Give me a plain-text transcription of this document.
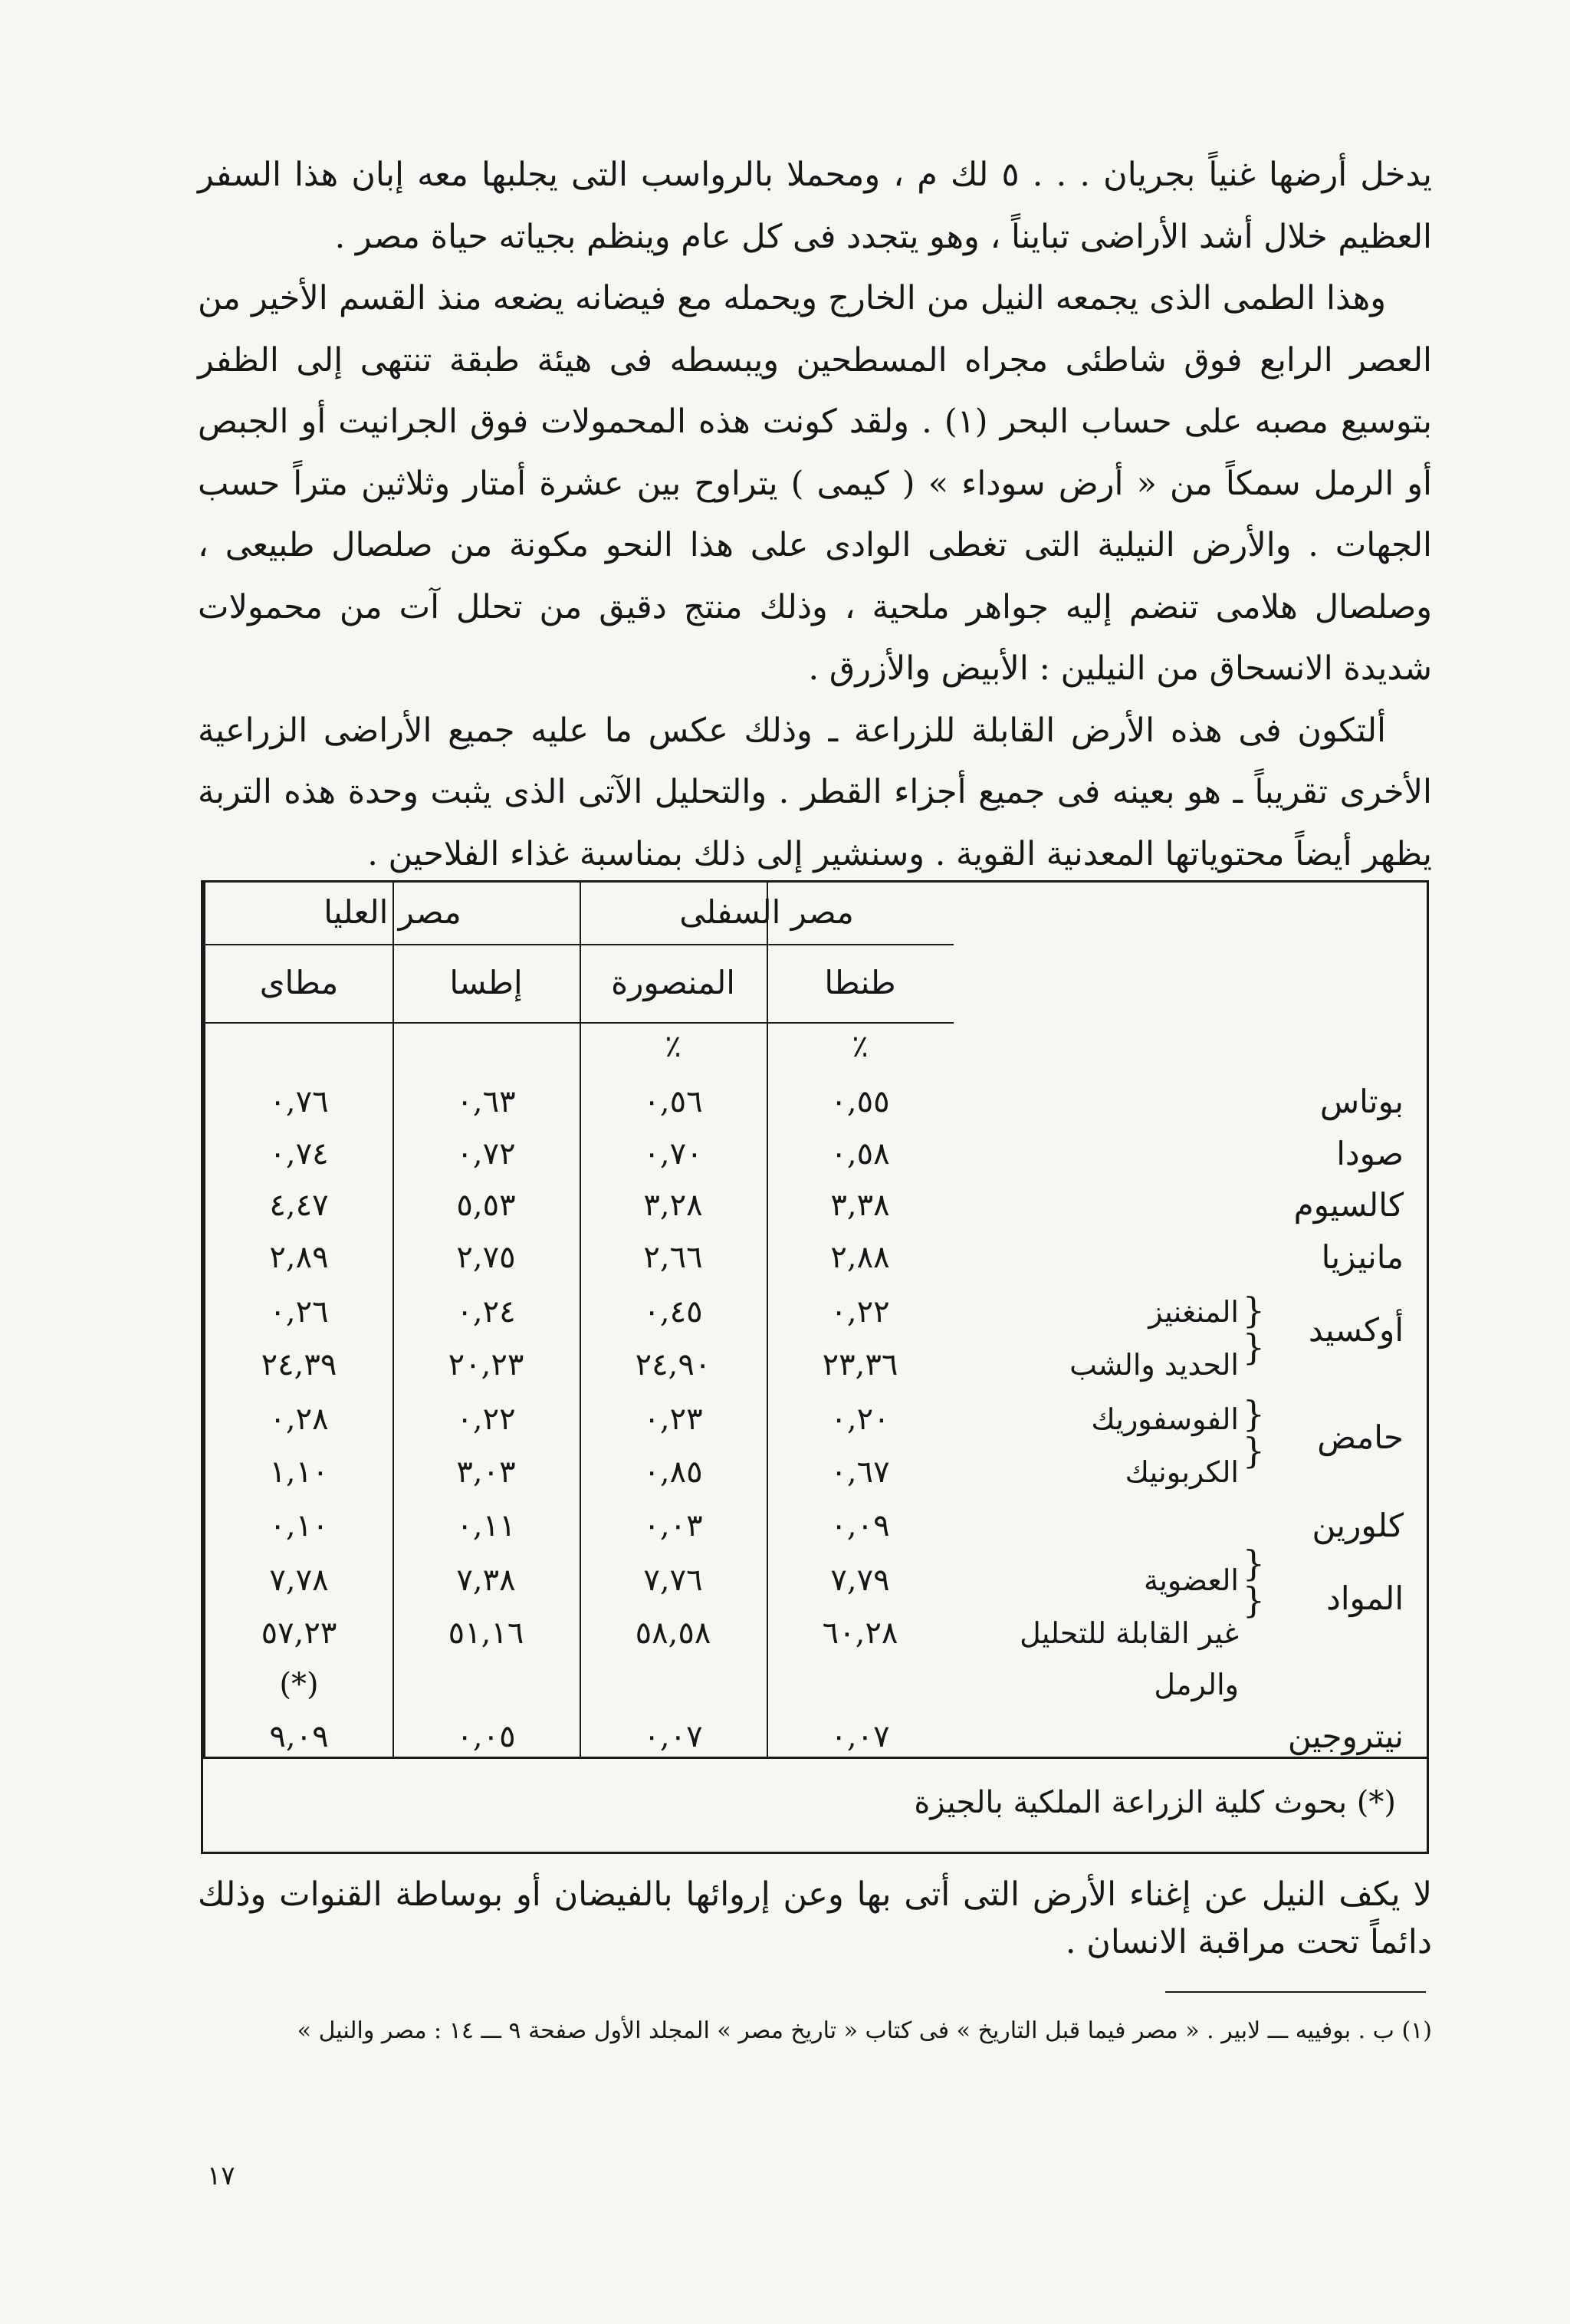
يدخل أرضها غنياً بجريان . . . ٥ لك م ، ومحملا بالرواسب التى يجلبها معه إبان هذا السفر العظيم خلال أشد الأراضى تبايناً ، وهو يتجدد فى كل عام وينظم بجياته حياة مصر .

وهذا الطمى الذى يجمعه النيل من الخارج ويحمله مع فيضانه يضعه منذ القسم الأخير من العصر الرابع فوق شاطئى مجراه المسطحين ويبسطه فى هيئة طبقة تنتهى إلى الظفر بتوسيع مصبه على حساب البحر (١) . ولقد كونت هذه المحمولات فوق الجرانيت أو الجبص أو الرمل سمكاً من « أرض سوداء » ( كيمى ) يتراوح بين عشرة أمتار وثلاثين متراً حسب الجهات . والأرض النيلية التى تغطى الوادى على هذا النحو مكونة من صلصال طبيعى ، وصلصال هلامى تنضم إليه جواهر ملحية ، وذلك منتج دقيق من تحلل آت من محمولات شديدة الانسحاق من النيلين : الأبيض والأزرق .

ألتكون فى هذه الأرض القابلة للزراعة ـ وذلك عكس ما عليه جميع الأراضى الزراعية الأخرى تقريباً ـ هو بعينه فى جميع أجزاء القطر . والتحليل الآتى الذى يثبت وحدة هذه التربة يظهر أيضاً محتوياتها المعدنية القوية . وسنشير إلى ذلك بمناسبة غذاء الفلاحين .

مصر السفلى
مصر العليا
طنطا
المنصورة
إطسا
مطاى
٪
٪
٠,٥٥
٠,٥٦
٠,٦٣
٠,٧٦
٠,٥٨
٠,٧٠
٠,٧٢
٠,٧٤
٣,٣٨
٣,٢٨
٥,٥٣
٤,٤٧
٢,٨٨
٢,٦٦
٢,٧٥
٢,٨٩
٠,٢٢
٠,٤٥
٠,٢٤
٠,٢٦
٢٣,٣٦
٢٤,٩٠
٢٠,٢٣
٢٤,٣٩
٠,٢٠
٠,٢٣
٠,٢٢
٠,٢٨
٠,٦٧
٠,٨٥
٣,٠٣
١,١٠
٠,٠٩
٠,٠٣
٠,١١
٠,١٠
٧,٧٩
٧,٧٦
٧,٣٨
٧,٧٨
٦٠,٢٨
٥٨,٥٨
٥١,١٦
٥٧,٢٣
(*)
٠,٠٧
٠,٠٧
٠,٠٥
٩,٠٩
بوتاس
صودا
كالسيوم
مانيزيا
أوكسيد
المنغنيز
الحديد والشب
حامض
الفوسفوريك
الكربونيك
كلورين
المواد
العضوية
غير القابلة للتحليل
والرمل
نيتروجين
{
{
{
{
{
{
(*) بحوث كلية الزراعة الملكية بالجيزة
لا يكف النيل عن إغناء الأرض التى أتى بها وعن إروائها بالفيضان أو بوساطة القنوات وذلك دائماً تحت مراقبة الانسان .
(١) ب . بوفييه ـــ لابير . « مصر فيما قبل التاريخ » فى كتاب « تاريخ مصر » المجلد الأول صفحة ٩ ـــ ١٤ : مصر والنيل »
١٧
